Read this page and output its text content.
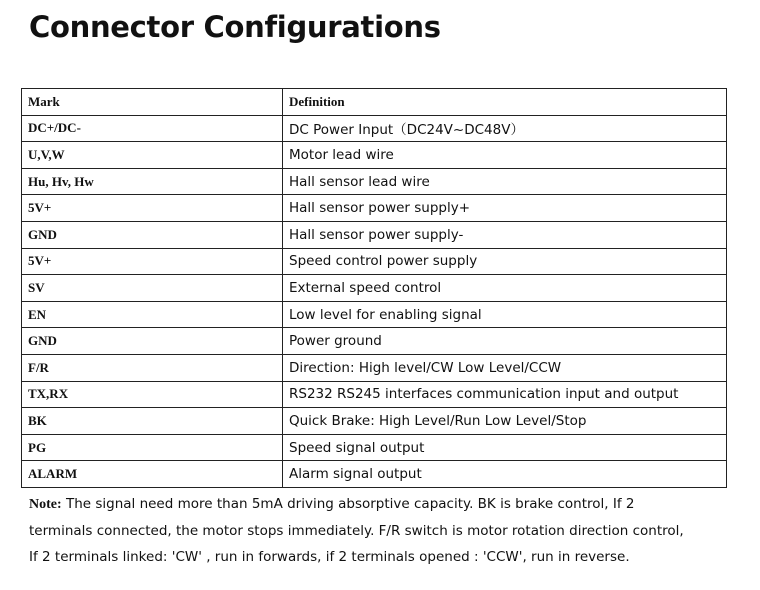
Connector Configurations
Mark	Definition
DC+/DC-	DC Power Input（DC24V~DC48V）
U,V,W	Motor lead wire
Hu, Hv, Hw	Hall sensor lead wire
5V+	Hall sensor power supply+
GND	Hall sensor power supply-
5V+	Speed control power supply
SV	External speed control
EN	Low level for enabling signal
GND	Power ground
F/R	Direction: High level/CW Low Level/CCW
TX,RX	RS232 RS245 interfaces communication input and output
BK	Quick Brake: High Level/Run Low Level/Stop
PG	Speed signal output
ALARM	Alarm signal output
Note: The signal need more than 5mA driving absorptive capacity. BK is brake control, If 2
terminals connected, the motor stops immediately. F/R switch is motor rotation direction control,
If 2 terminals linked: 'CW' , run in forwards, if 2 terminals opened : 'CCW', run in reverse.
